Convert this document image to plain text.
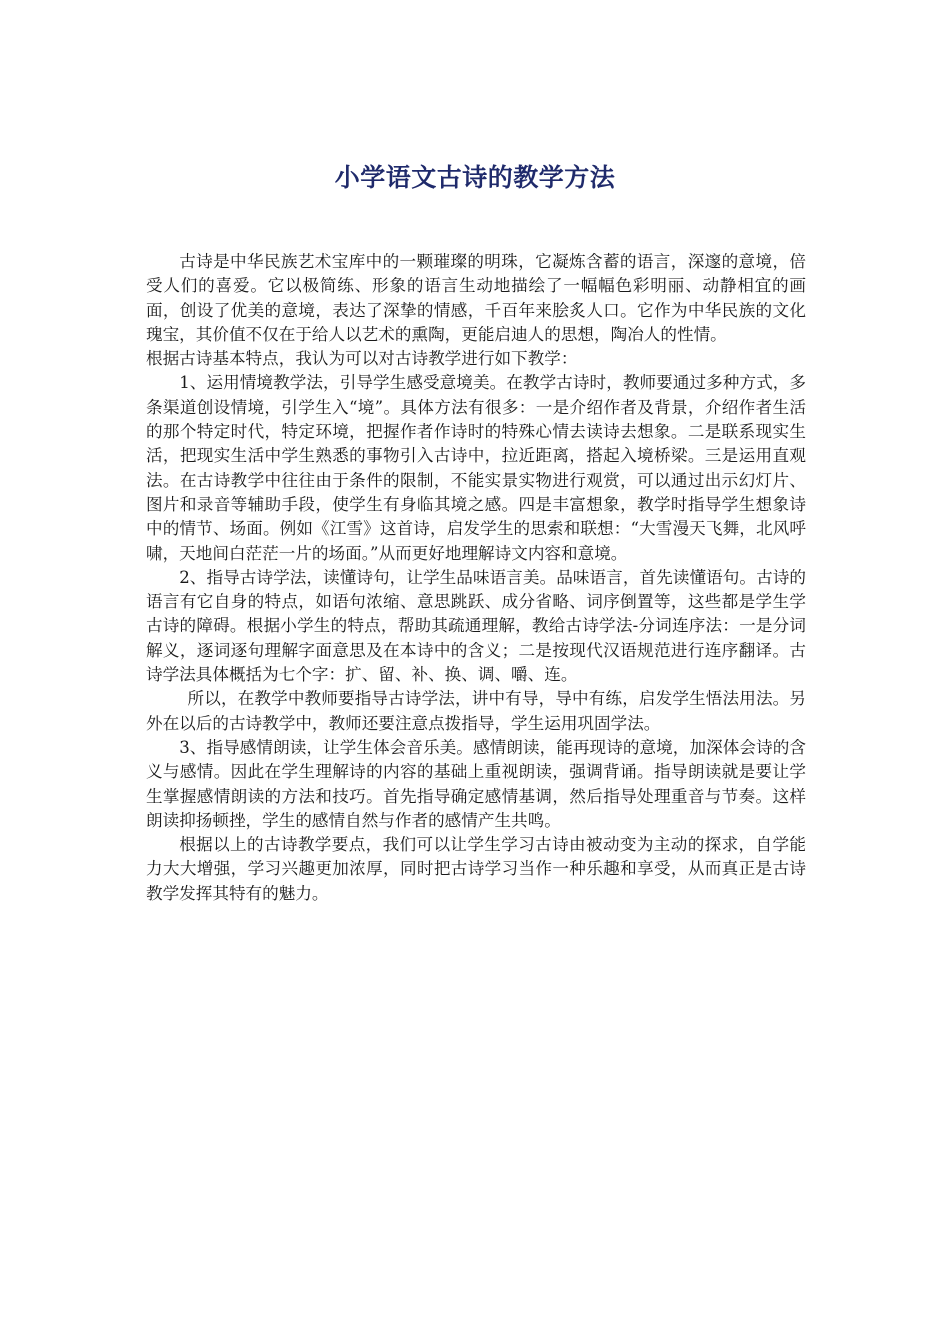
小学语文古诗的教学方法

古诗是中华民族艺术宝库中的一颗璀璨的明珠，它凝炼含蓄的语言，深邃的意境，倍受人们的喜爱。它以极简练、形象的语言生动地描绘了一幅幅色彩明丽、动静相宜的画面，创设了优美的意境，表达了深挚的情感，千百年来脍炙人口。它作为中华民族的文化瑰宝，其价值不仅在于给人以艺术的熏陶，更能启迪人的思想，陶冶人的性情。

根据古诗基本特点，我认为可以对古诗教学进行如下教学：

1、运用情境教学法，引导学生感受意境美。在教学古诗时，教师要通过多种方式，多条渠道创设情境，引学生入“境”。具体方法有很多：一是介绍作者及背景，介绍作者生活的那个特定时代，特定环境，把握作者作诗时的特殊心情去读诗去想象。二是联系现实生活，把现实生活中学生熟悉的事物引入古诗中，拉近距离，搭起入境桥梁。三是运用直观法。在古诗教学中往往由于条件的限制，不能实景实物进行观赏，可以通过出示幻灯片、图片和录音等辅助手段，使学生有身临其境之感。四是丰富想象，教学时指导学生想象诗中的情节、场面。例如《江雪》这首诗，启发学生的思索和联想：“大雪漫天飞舞，北风呼啸，天地间白茫茫一片的场面。”从而更好地理解诗文内容和意境。

2、指导古诗学法，读懂诗句，让学生品味语言美。品味语言，首先读懂语句。古诗的语言有它自身的特点，如语句浓缩、意思跳跃、成分省略、词序倒置等，这些都是学生学古诗的障碍。根据小学生的特点，帮助其疏通理解，教给古诗学法-分词连序法：一是分词解义，逐词逐句理解字面意思及在本诗中的含义；二是按现代汉语规范进行连序翻译。古诗学法具体概括为七个字：扩、留、补、换、调、嚼、连。

所以，在教学中教师要指导古诗学法，讲中有导，导中有练，启发学生悟法用法。另外在以后的古诗教学中，教师还要注意点拨指导，学生运用巩固学法。

3、指导感情朗读，让学生体会音乐美。感情朗读，能再现诗的意境，加深体会诗的含义与感情。因此在学生理解诗的内容的基础上重视朗读，强调背诵。指导朗读就是要让学生掌握感情朗读的方法和技巧。首先指导确定感情基调，然后指导处理重音与节奏。这样朗读抑扬顿挫，学生的感情自然与作者的感情产生共鸣。

根据以上的古诗教学要点，我们可以让学生学习古诗由被动变为主动的探求，自学能力大大增强，学习兴趣更加浓厚，同时把古诗学习当作一种乐趣和享受，从而真正是古诗教学发挥其特有的魅力。
